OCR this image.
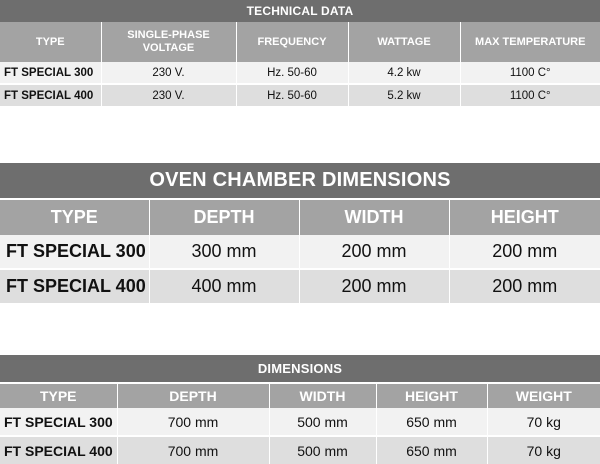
TECHNICAL DATA
TYPE	SINGLE-PHASE VOLTAGE	FREQUENCY	WATTAGE	MAX TEMPERATURE
FT SPECIAL 300	230 V.	Hz. 50-60	4.2 kw	1100 C°
FT SPECIAL 400	230 V.	Hz. 50-60	5.2 kw	1100 C°
OVEN CHAMBER DIMENSIONS
TYPE	DEPTH	WIDTH	HEIGHT
FT SPECIAL 300	300 mm	200 mm	200 mm
FT SPECIAL 400	400 mm	200 mm	200 mm
DIMENSIONS
TYPE	DEPTH	WIDTH	HEIGHT	WEIGHT
FT SPECIAL 300	700 mm	500 mm	650 mm	70 kg
FT SPECIAL 400	700 mm	500 mm	650 mm	70 kg
